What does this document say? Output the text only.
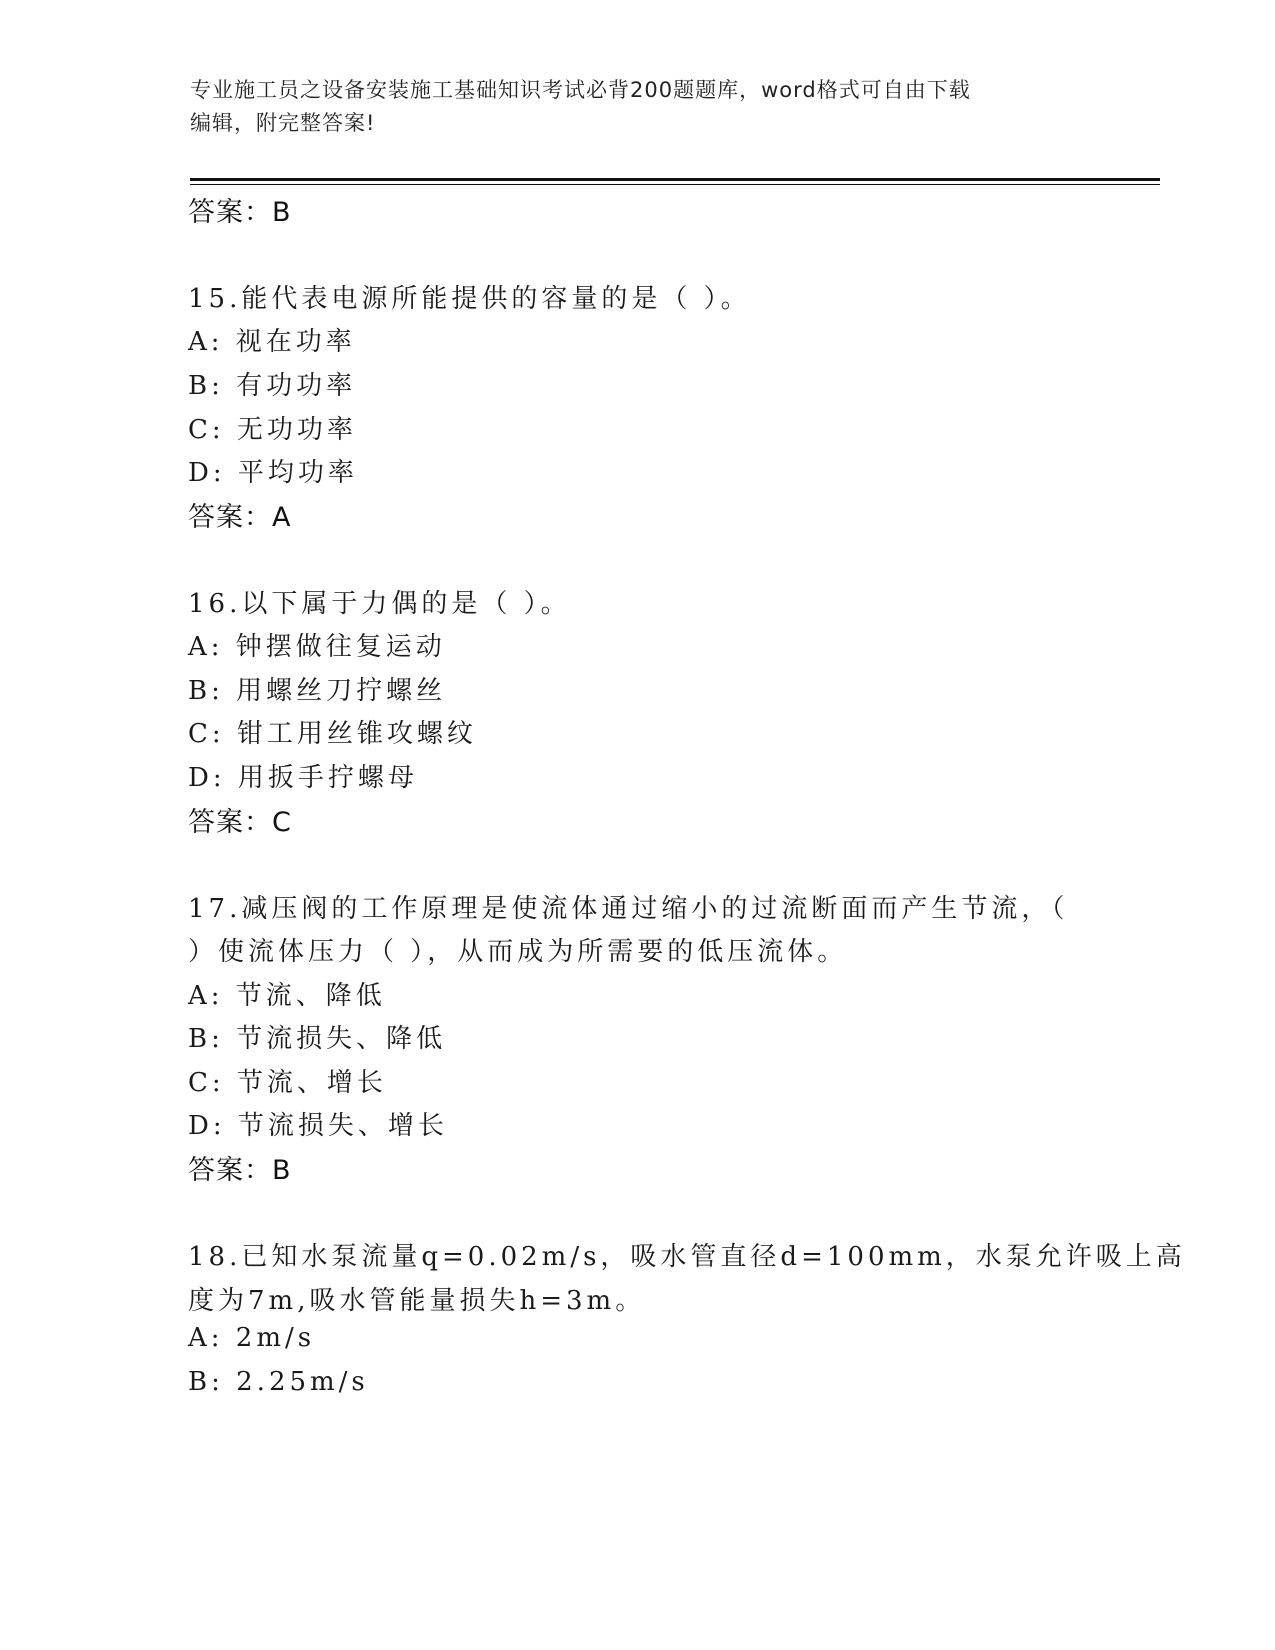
专业施工员之设备安装施工基础知识考试必背200题题库，word格式可自由下载
编辑，附完整答案!
答案：B
15.能代表电源所能提供的容量的是（ ）。
A: 视在功率
B: 有功功率
C: 无功功率
D: 平均功率
答案：A
16.以下属于力偶的是（ ）。
A: 钟摆做往复运动
B: 用螺丝刀拧螺丝
C: 钳工用丝锥攻螺纹
D: 用扳手拧螺母
答案：C
17.减压阀的工作原理是使流体通过缩小的过流断面而产生节流，（
）使流体压力（ ），从而成为所需要的低压流体。
A: 节流、降低
B: 节流损失、降低
C: 节流、增长
D: 节流损失、增长
答案：B
18.已知水泵流量q=0.02m/s，吸水管直径d=100mm，水泵允许吸上高
度为7m,吸水管能量损失h=3m。
A: 2m/s
B: 2.25m/s
